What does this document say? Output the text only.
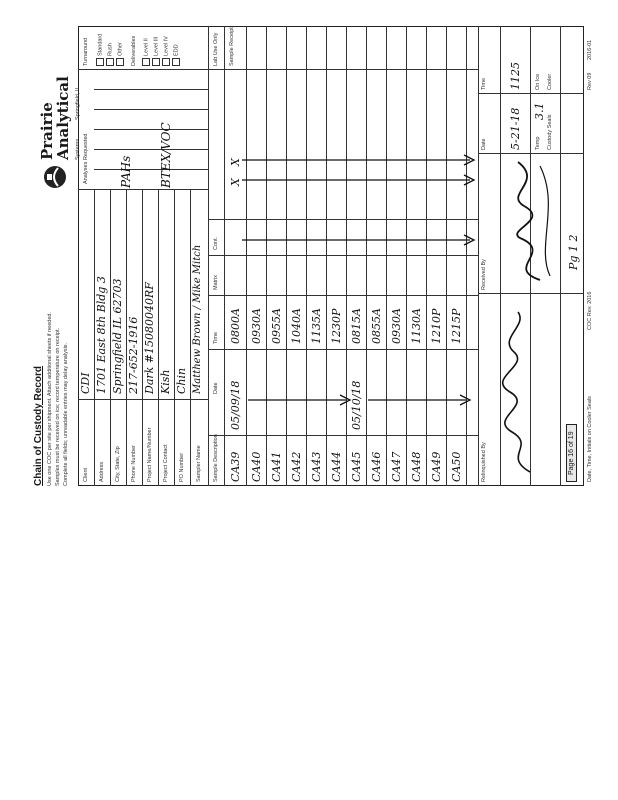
Chain of Custody Record Use one COC per site per shipment. Attach additional sheets if needed. Samples must be received on ice; record temperature on receipt. Complete all fields; unreadable entries may delay analysis.
Prairie
Analytical Systems
Springfield, IL
Client
CDI
Address
1701 East 8th Bldg 3
City, State, Zip
Springfield IL 62703
Phone Number
217-652-1916
Project Name/Number
Dark #15080040RF
Project Contact
Kish
PO Number
Chin
Sampler Name
Matthew Brown / Mike Mitch
Analyses Requested	PAHs BTEX/VOC
Sample Description
Date
Time
Matrix
Cont.
CA39
05/09/18
0800A
CA40
0930A
CA41
0955A
CA42
1040A
CA43
1135A
CA44
1230P
CA45
05/10/18
0815A
CA46
0855A
CA47
0930A
CA48
1130A
CA49
1210P
CA50
1215P
X
X
Turnaround Standard Rush Other Deliverables Level II Level III Level IV EDD	Lab Use Only Sample Receipt
Relinquished By
Received By
Date
Time
5-21-18
1125
Temp
3.1
On Ice
Custody Seals
Cooler
Page 16 of 19
Pg 1 2
Date, Time, Initials on Cooler Seals
COC Rev. 2016
Rev 09
2016-01
